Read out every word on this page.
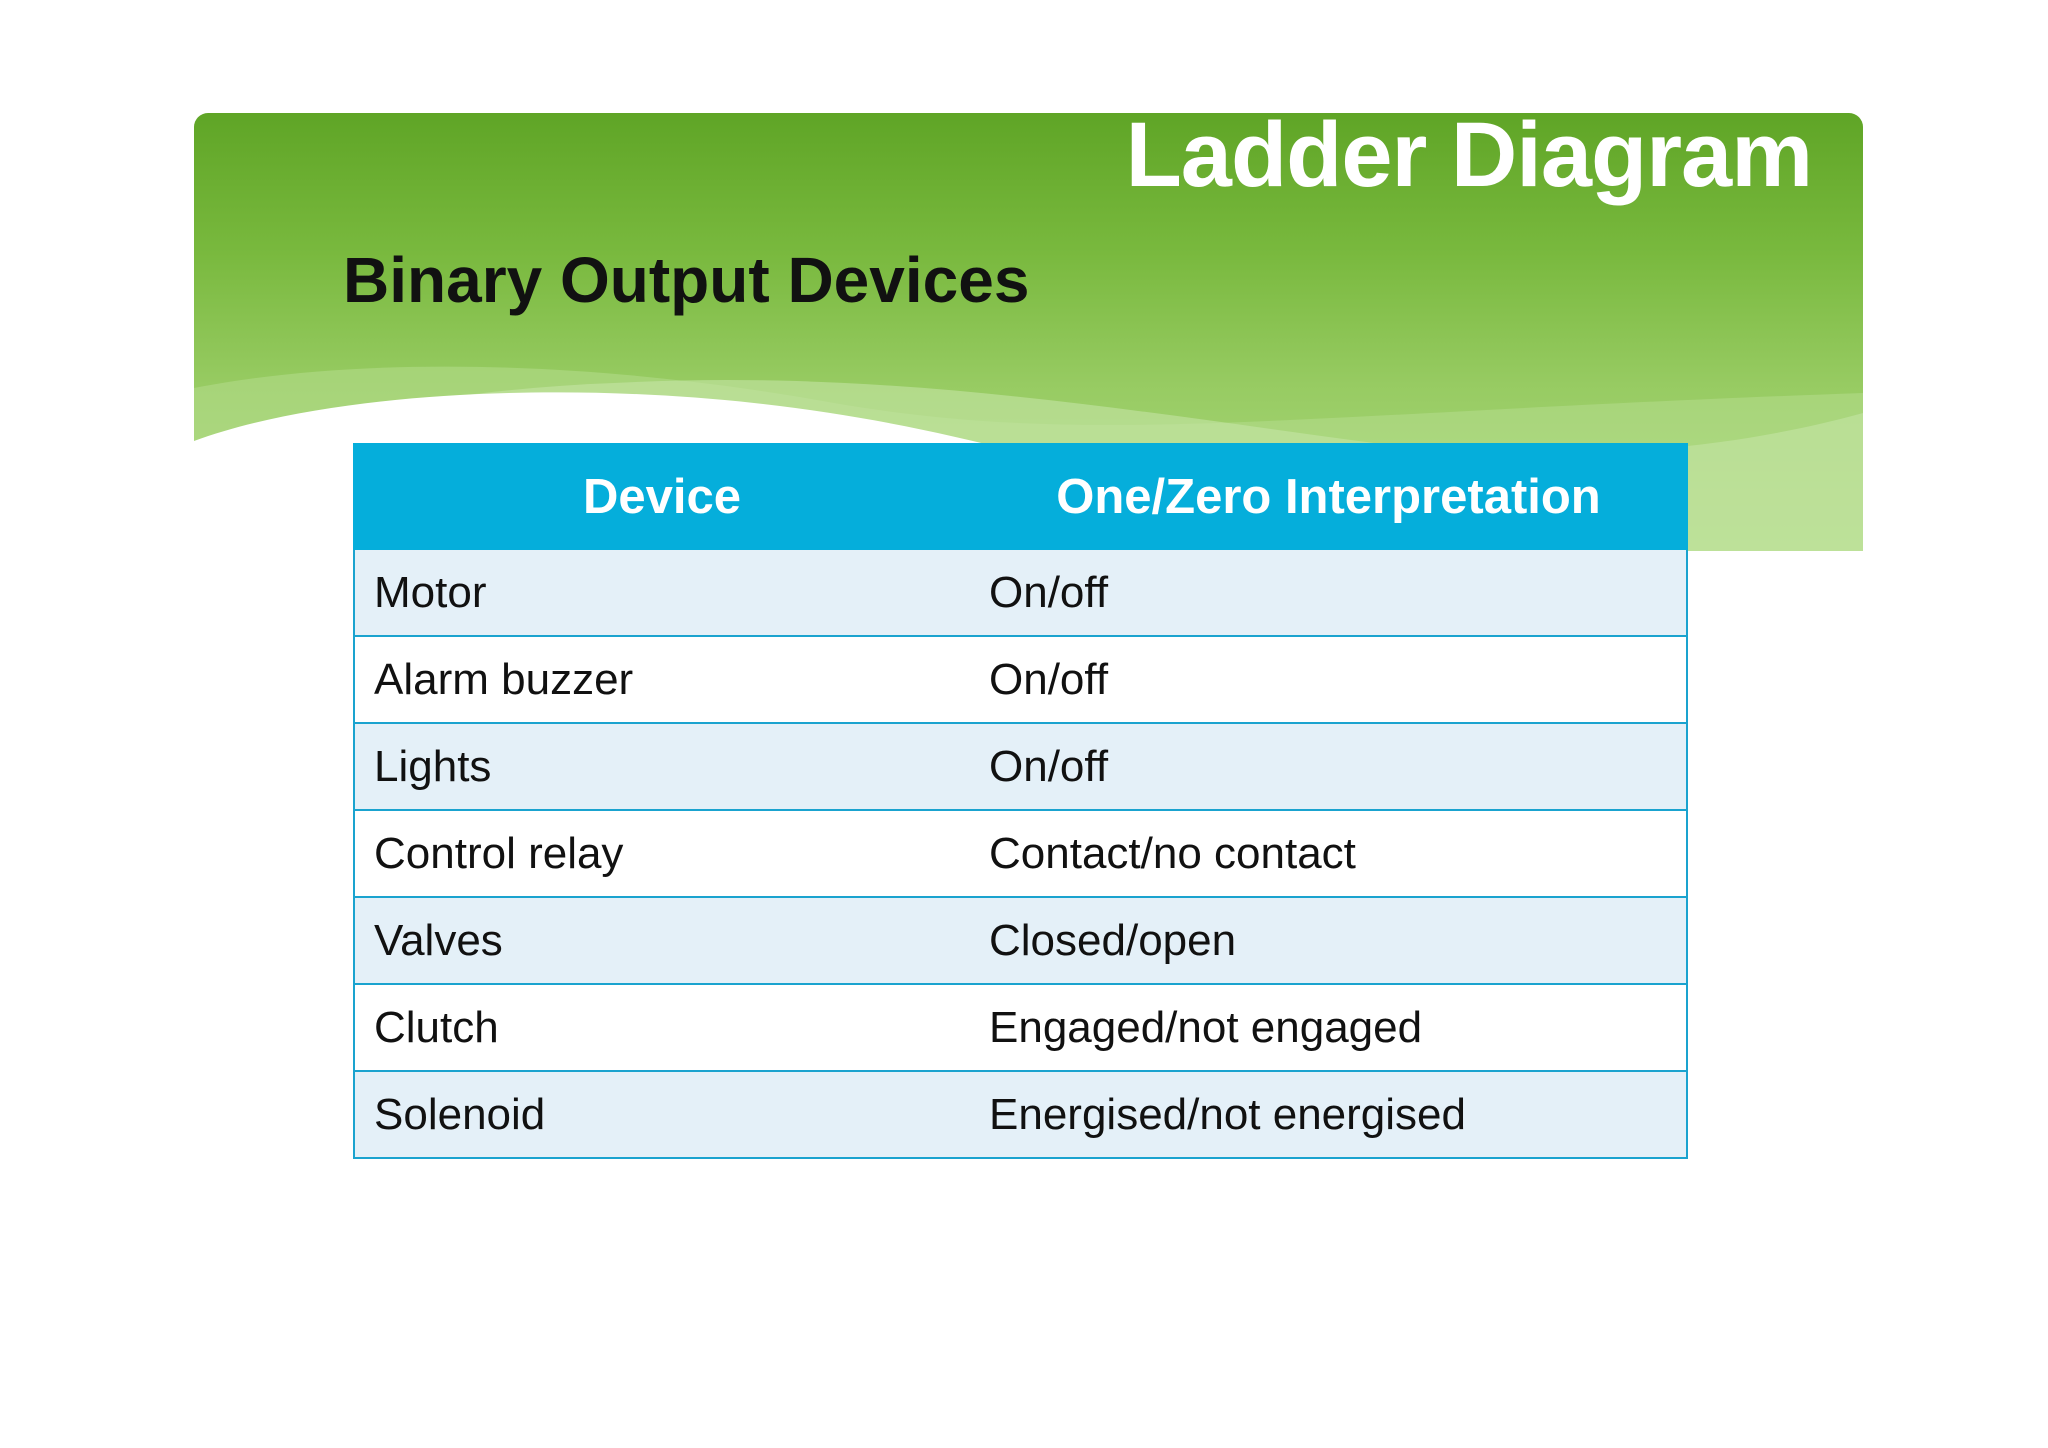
Ladder Diagram
Binary Output Devices
Device	One/Zero Interpretation
Motor	On/off
Alarm buzzer	On/off
Lights	On/off
Control relay	Contact/no contact
Valves	Closed/open
Clutch	Engaged/not engaged
Solenoid	Energised/not energised
